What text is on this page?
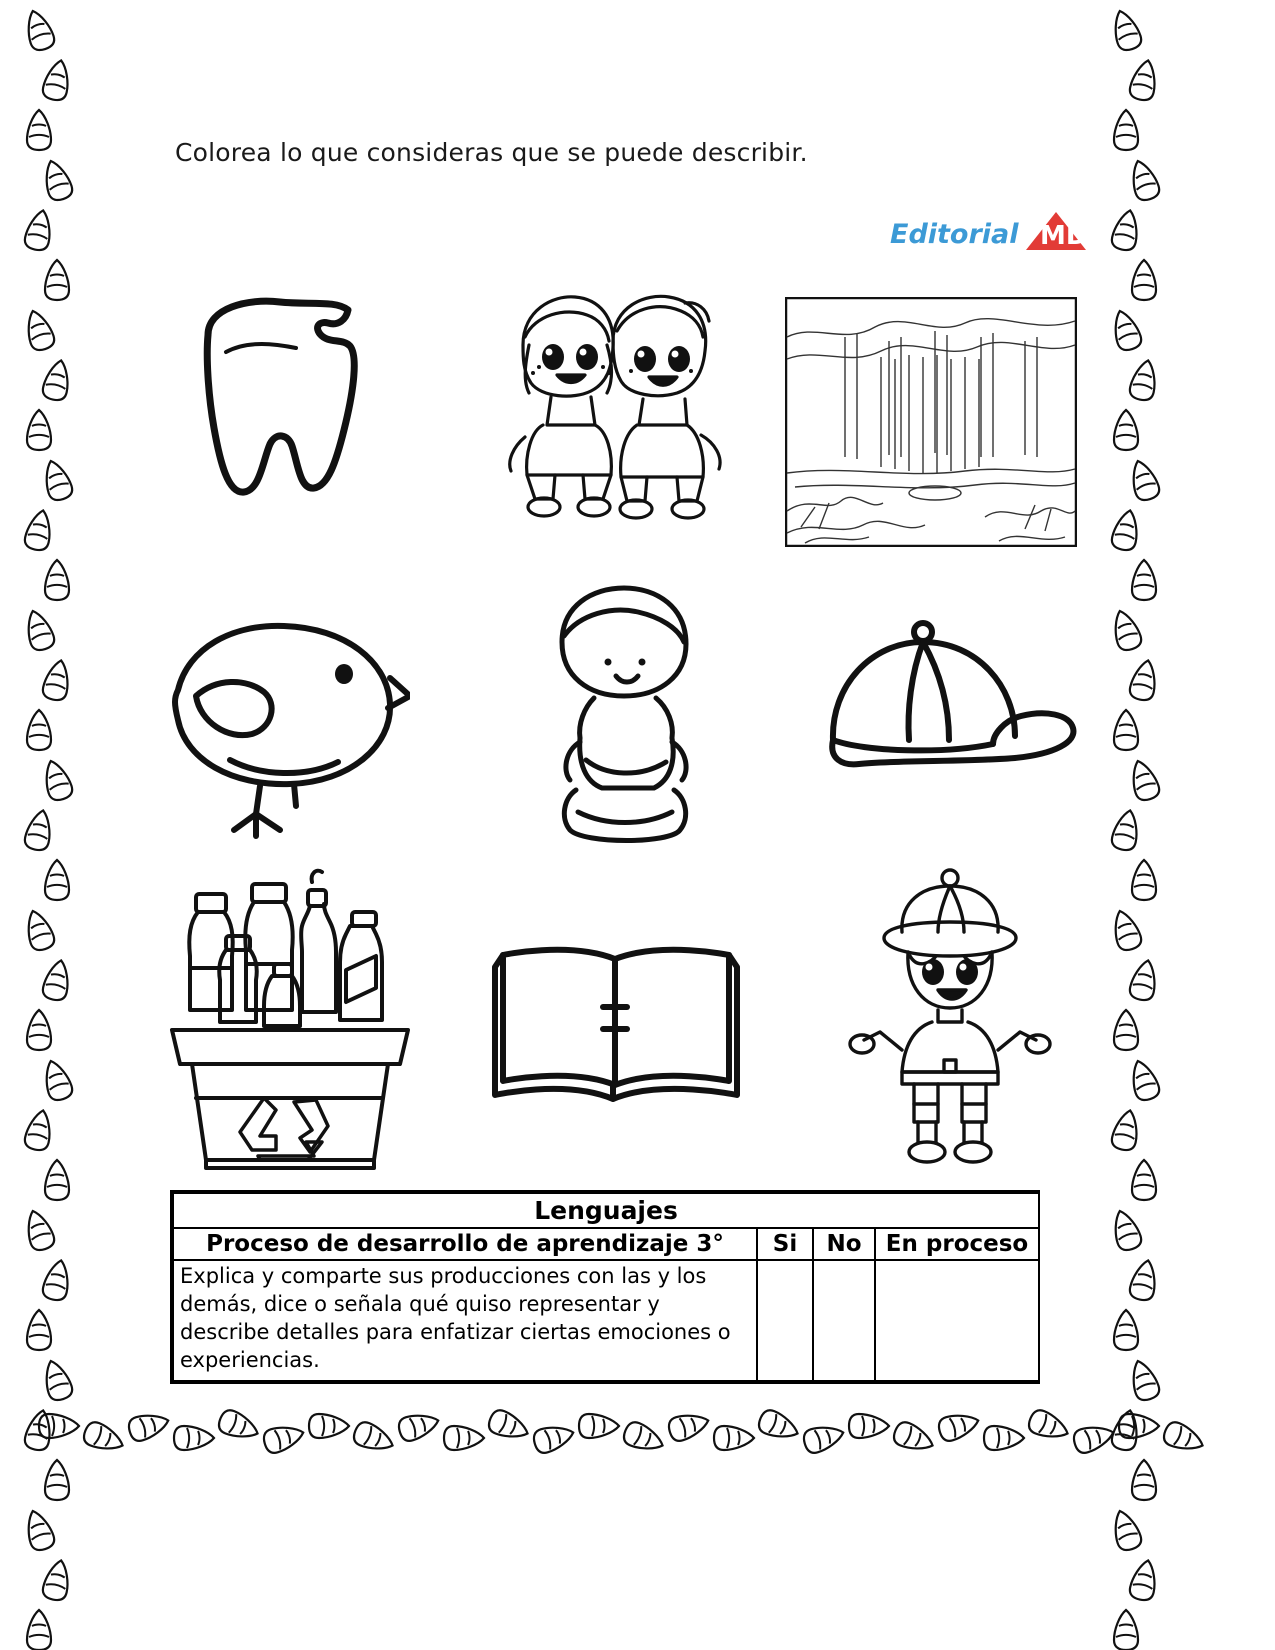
Colorea lo que consideras que se puede describir.
Editorial MD
Lenguajes			
Proceso de desarrollo de aprendizaje 3°	Si	No	En proceso
Explica y comparte sus producciones con las y los demás, dice o señala qué quiso representar y describe detalles para enfatizar ciertas emociones o experiencias.			
